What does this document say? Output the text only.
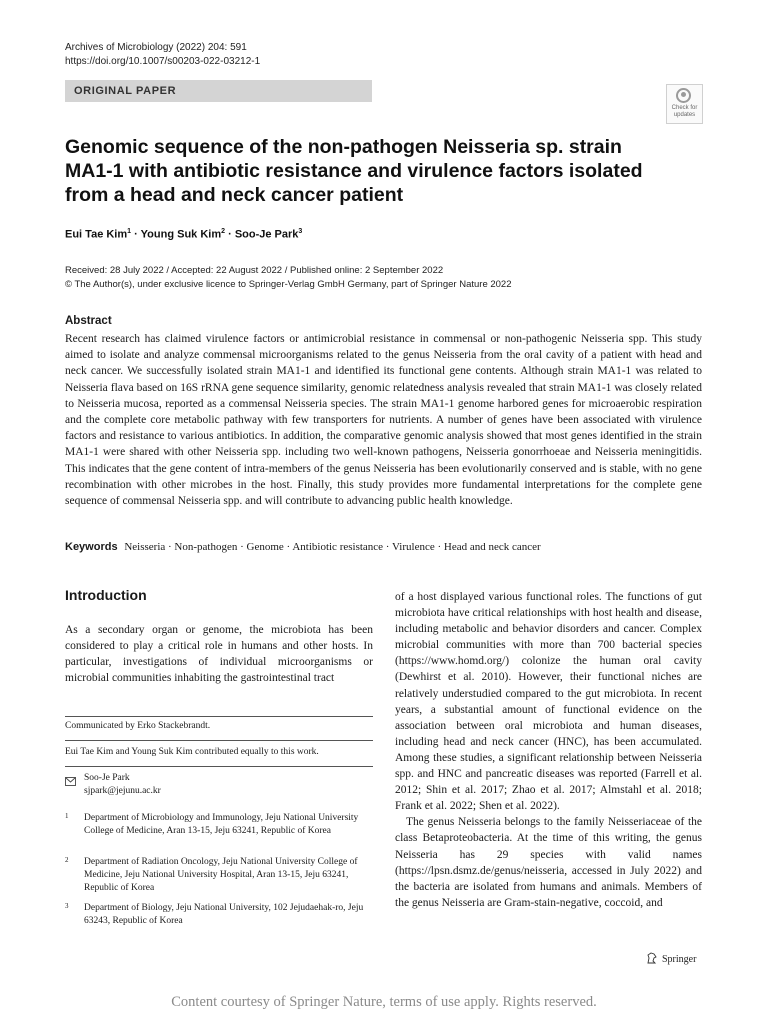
Archives of Microbiology (2022) 204: 591
https://doi.org/10.1007/s00203-022-03212-1
ORIGINAL PAPER
Check for updates
Genomic sequence of the non-pathogen Neisseria sp. strain MA1-1 with antibiotic resistance and virulence factors isolated from a head and neck cancer patient
Eui Tae Kim$^1$ · Young Suk Kim$^2$ · Soo-Je Park$^3$
Received: 28 July 2022 / Accepted: 22 August 2022 / Published online: 2 September 2022
© The Author(s), under exclusive licence to Springer-Verlag GmbH Germany, part of Springer Nature 2022
Abstract
Recent research has claimed virulence factors or antimicrobial resistance in commensal or non-pathogenic Neisseria spp. This study aimed to isolate and analyze commensal microorganisms related to the genus Neisseria from the oral cavity of a patient with head and neck cancer. We successfully isolated strain MA1-1 and identified its functional gene contents. Although strain MA1-1 was related to Neisseria flava based on 16S rRNA gene sequence similarity, genomic relatedness analysis revealed that strain MA1-1 was closely related to Neisseria mucosa, reported as a commensal Neisseria species. The strain MA1-1 genome harbored genes for microaerobic respiration and the complete core metabolic pathway with few transporters for nutrients. A number of genes have been associated with virulence factors and resistance to various antibiotics. In addition, the comparative genomic analysis showed that most genes identified in the strain MA1-1 were shared with other Neisseria spp. including two well-known pathogens, Neisseria gonorrhoeae and Neisseria meningitidis. This indicates that the gene content of intra-members of the genus Neisseria has been evolutionarily conserved and is stable, with no gene recombination with other microbes in the host. Finally, this study provides more fundamental interpretations for the complete gene sequence of commensal Neisseria spp. and will contribute to advancing public health knowledge.
Keywords Neisseria · Non-pathogen · Genome · Antibiotic resistance · Virulence · Head and neck cancer
Introduction
As a secondary organ or genome, the microbiota has been considered to play a critical role in humans and other hosts. In particular, investigations of individual microorganisms or microbial communities inhabiting the gastrointestinal tract

of a host displayed various functional roles. The functions of gut microbiota have critical relationships with host health and disease, including metabolic and behavior disorders and cancer. Complex microbial communities with more than 700 bacterial species (https://www.homd.org/) colonize the human oral cavity (Dewhirst et al. 2010). However, their functional niches are relatively understudied compared to the gut microbiota. In recent years, a substantial amount of functional evidence on the association between oral microbiota and human diseases, including head and neck cancer (HNC), has been accumulated. Among these studies, a significant relationship between Neisseria spp. and HNC and pancreatic diseases was reported (Farrell et al. 2012; Shin et al. 2017; Zhao et al. 2017; Almstahl et al. 2018; Frank et al. 2022; Shen et al. 2022).

The genus Neisseria belongs to the family Neisseriaceae of the class Betaproteobacteria. At the time of this writing, the genus Neisseria has 29 species with valid names (https://lpsn.dsmz.de/genus/neisseria, accessed in July 2022) and the bacteria are isolated from humans and animals. Members of the genus Neisseria are Gram-stain-negative, coccoid, and

Communicated by Erko Stackebrandt.
Eui Tae Kim and Young Suk Kim contributed equally to this work.
Soo-Je Park
sjpark@jejunu.ac.kr
1 Department of Microbiology and Immunology, Jeju National University College of Medicine, Aran 13-15, Jeju 63241, Republic of Korea
2 Department of Radiation Oncology, Jeju National University College of Medicine, Jeju National University Hospital, Aran 13-15, Jeju 63241, Republic of Korea
3 Department of Biology, Jeju National University, 102 Jejudaehak-ro, Jeju 63243, Republic of Korea
Springer
Content courtesy of Springer Nature, terms of use apply. Rights reserved.
